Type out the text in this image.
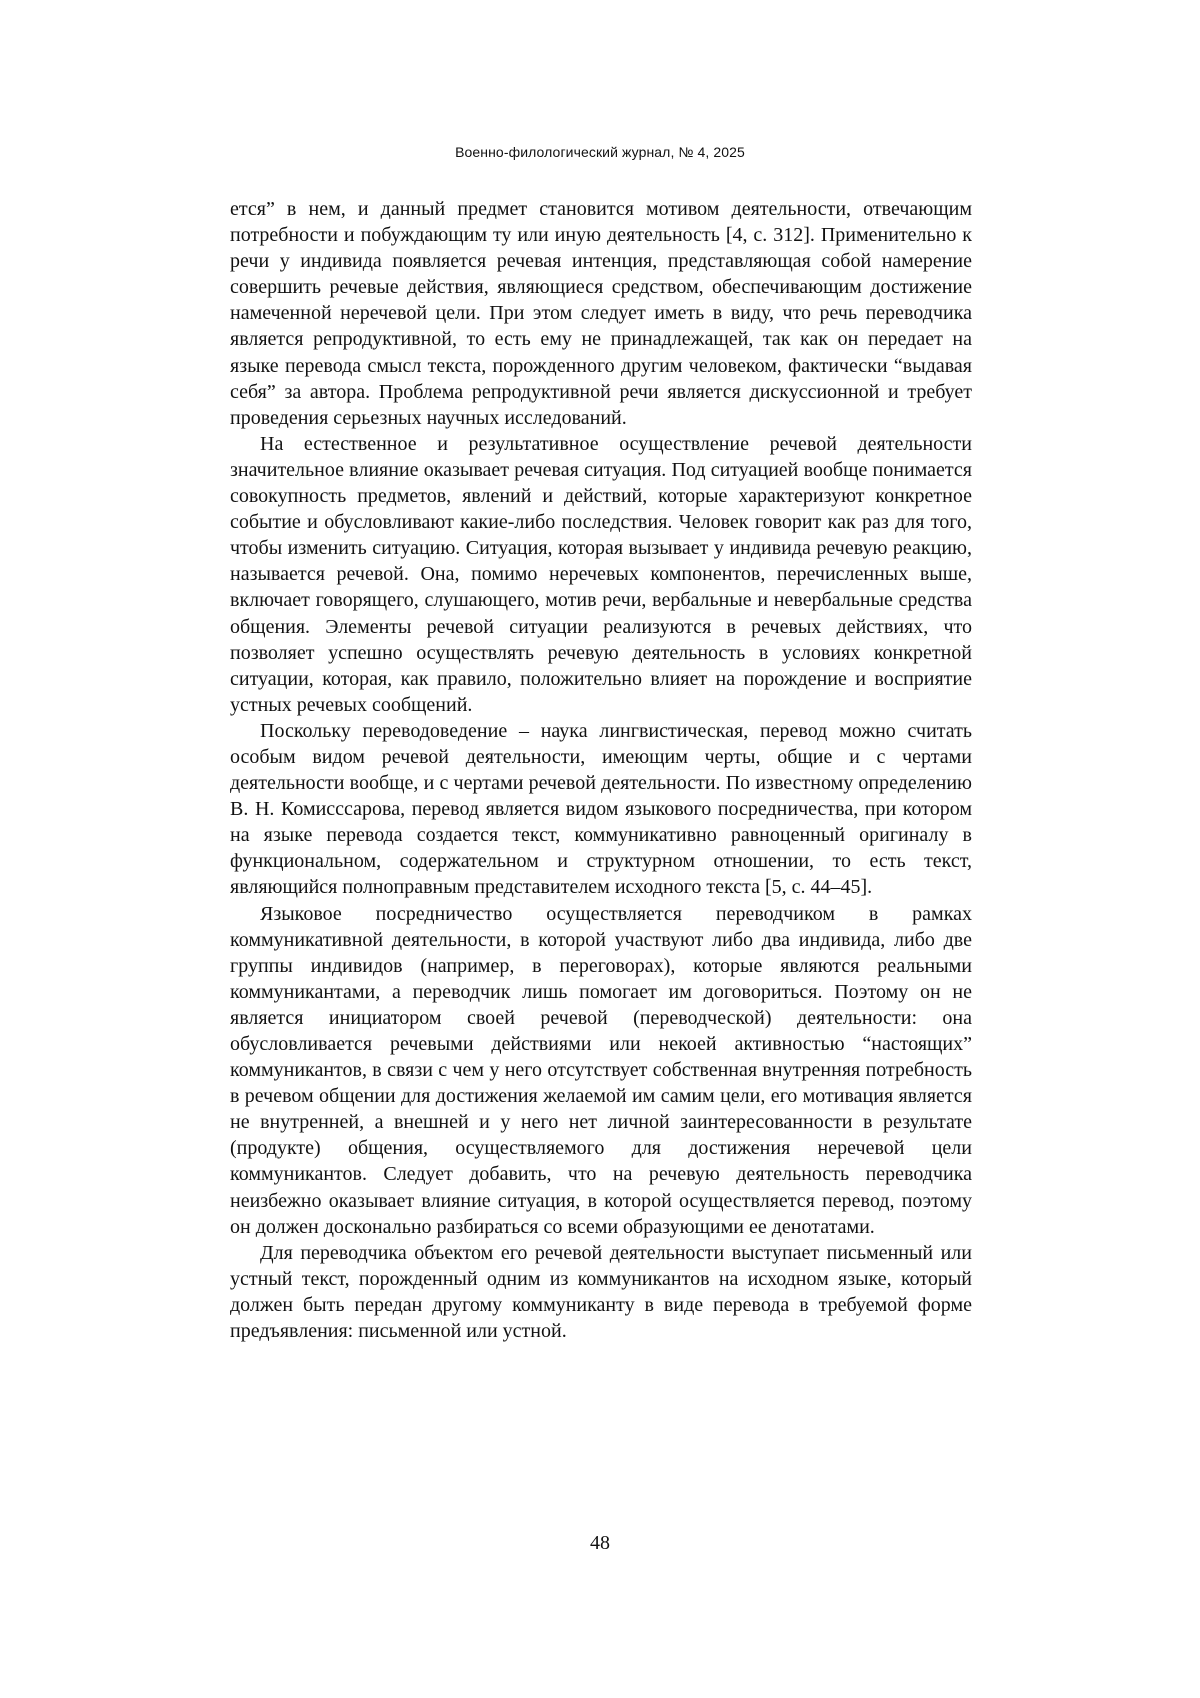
Военно-филологический журнал, № 4, 2025

ется” в нем, и данный предмет становится мотивом деятельности, отвечающим потребности и побуждающим ту или иную деятельность [4, с. 312]. Применительно к речи у индивида появляется речевая интенция, представляющая собой намерение совершить речевые действия, являющиеся средством, обеспечивающим достижение намеченной неречевой цели. При этом следует иметь в виду, что речь переводчика является репродуктивной, то есть ему не принадлежащей, так как он передает на языке перевода смысл текста, порожденного другим человеком, фактически “выдавая себя” за автора. Проблема репродуктивной речи является дискуссионной и требует проведения серьезных научных исследований.

На естественное и результативное осуществление речевой деятельности значительное влияние оказывает речевая ситуация. Под ситуацией вообще понимается совокупность предметов, явлений и действий, которые характеризуют конкретное событие и обусловливают какие-либо последствия. Человек говорит как раз для того, чтобы изменить ситуацию. Ситуация, которая вызывает у индивида речевую реакцию, называется речевой. Она, помимо неречевых компонентов, перечисленных выше, включает говорящего, слушающего, мотив речи, вербальные и невербальные средства общения. Элементы речевой ситуации реализуются в речевых действиях, что позволяет успешно осуществлять речевую деятельность в условиях конкретной ситуации, которая, как правило, положительно влияет на порождение и восприятие устных речевых сообщений.

Поскольку переводоведение – наука лингвистическая, перевод можно считать особым видом речевой деятельности, имеющим черты, общие и с чертами деятельности вообще, и с чертами речевой деятельности. По известному определению В. Н. Комисссарова, перевод является видом языкового посредничества, при котором на языке перевода создается текст, коммуникативно равноценный оригиналу в функциональном, содержательном и структурном отношении, то есть текст, являющийся полноправным представителем исходного текста [5, с. 44–45].

Языковое посредничество осуществляется переводчиком в рамках коммуникативной деятельности, в которой участвуют либо два индивида, либо две группы индивидов (например, в переговорах), которые являются реальными коммуникантами, а переводчик лишь помогает им договориться. Поэтому он не является инициатором своей речевой (переводческой) деятельности: она обусловливается речевыми действиями или некоей активностью “настоящих” коммуникантов, в связи с чем у него отсутствует собственная внутренняя потребность в речевом общении для достижения желаемой им самим цели, его мотивация является не внутренней, а внешней и у него нет личной заинтересованности в результате (продукте) общения, осуществляемого для достижения неречевой цели коммуникантов. Следует добавить, что на речевую деятельность переводчика неизбежно оказывает влияние ситуация, в которой осуществляется перевод, поэтому он должен досконально разбираться со всеми образующими ее денотатами.

Для переводчика объектом его речевой деятельности выступает письменный или устный текст, порожденный одним из коммуникантов на исходном языке, который должен быть передан другому коммуниканту в виде перевода в требуемой форме предъявления: письменной или устной.

48
